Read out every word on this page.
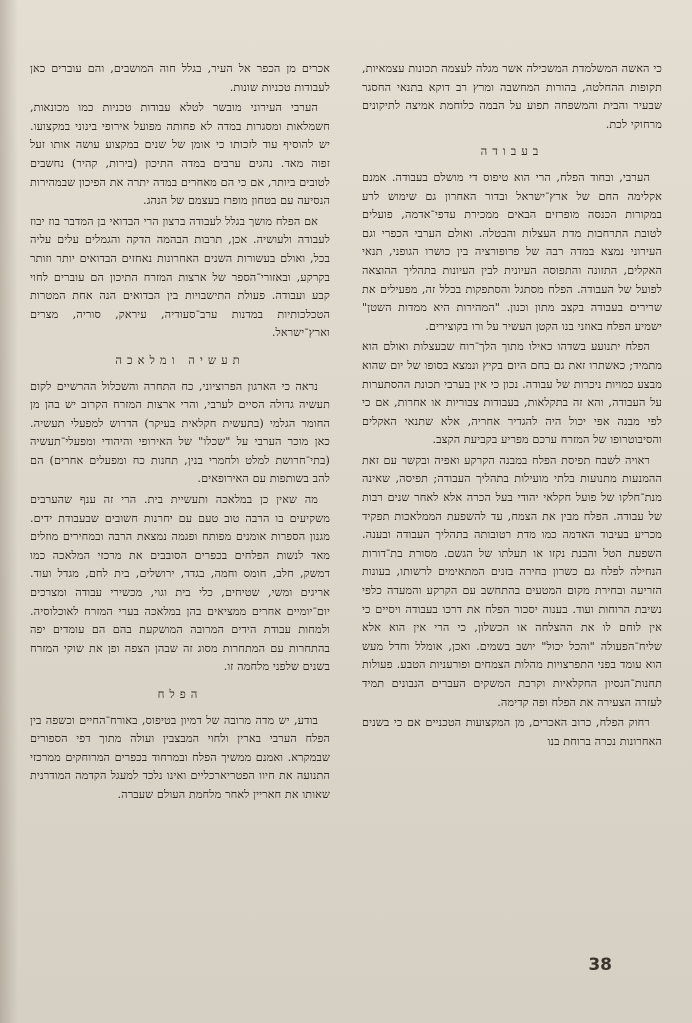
כי האשה המשלמדת המשכילה אשר מגלה לעצמה תכונות עצמאיות, תקופות ההחלטה, בהורות המחשבה ומרץ רב דוקא בתנאי החסגר שבעיר והבית והמשפחה תפוע על הבמה כלוחמת אמיצה לתיקונים מרחוקי לכת.

בעבודה

הערבי, ובחוד הפלח, הרי הוא טיפוס די מושלם בעבודה. אמנם אקלימה החם של ארץ־ישראל ובדור האחרון גם שימוש לרע במקורות הכנסה מופרזים הבאים ממכירת עדפי־אדמה, פועלים לטובת התרחבות מדת העצלות והבטלה. ואולם הערבי הכפרי וגם העירוני נמצא במדה רבה של פרופורציה בין כושרו הגופני, תנאי האקלים, התזונה והתפוסה העיונית לבין העיונות בתהליך ההוצאה לפועל של העבודה. הפלח מסתגל והסתפקות בכלל זה, מפעילים את שרירים בעבודה בקצב מתון וכנון. "המהירות היא ממדות השטן" ישמיע הפלח באוזני בנו הקטן העשיר על ורו בקוצירים.

הפלח יתנועע בשדהו כאילו מתוך הלך־רוח שבעצלות ואולם הוא מתמיד; כאשתרו זאת גם בחם היום בקיץ ונמצא בסופו של יום שהוא מבצע כמויות ניכרות של עבודה. נכון כי אין בערבי תכונת ההסתערות על העבודה, והא זה בתקלאות, בעבודות צבוריות או אחרות, אם כי לפי מבנה אפי יכול היה להגדיר אחריה, אלא שתנאי האקלים והסיבוטרופו של המזרח ערכם מפריע בקביעת הקצב.

ראויה לשבח תפיסת הפלח במבנה הקרקע ואפיה ובקשר עם זאת ההמנעות מתנועות בלתי מועילות בתהליך העבודה; תפיסה, שאינה מנת־חלקו של פועל חקלאי יהודי בעל הכרה אלא לאחר שנים רבות של עבודה. הפלח מבין את הצמח, עד להשפעת הממלאכות תפקיד מכריע בעיבוד האדמה כמו מדת רטובותה בתהליך העבודה ובענה. השפעת הטל והבנת נקזו או תעלתו של הגשם. מסורת בת־דורות הנחילה לפלח גם כשרון בחירה בזנים המתאימים לרשותו, בעונות הזריעה ובחירת מקום המטעים בהתחשב עם הקרקע והמעדה כלפי נשיבת הרוחות ועוד. בענוה יסכור הפלח את דרכו בעבודה ויסיים כי אין לוחם לו את ההצלחה או הכשלון, כי הרי אין הוא אלא שליח־הפעולה "והכל יכול" יושב בשמים. ואכן, אומלל וחדל מעש הוא עומד בפני התפרצויות מהלות הצמחים ופורעניות הטבע. פעולות תחנות־הנסיון החקלאיות וקרבת המשקים העברים הנבונים תמיד לעזרה הצעירה את הפלח ופה קדימה.

רחוק הפלח, כרוב האכרים, מן המקצועות הטכניים אם כי בשנים האחרונות נכרה ברוחת בנו

אכרים מן הכפר אל העיר, בגלל חוה המושבים, והם עוברים כאן לעבודות טכניות שונות.

הערבי העירוני מובשר לטלא עבודות טכניות כמו מכונאות, חשמלאות ומסגרות במדה לא פחותה מפועל אירופי בינוני במקצועו. יש להוסיף עוד לזכותו כי אומן של שנים במקצוע עושה אותו זעל זפוה מאד. נהגים ערבים במדה התיכון (בירות, קהיר) נחשבים לטובים ביותר, אם כי הם מאחרים במדה יתרה את הפיכון שבמהירות הנסיעה עם בטחון מופרז בעצמם של הנהג.

אם הפלח מושך בגלל לעבודה ברצון הרי הבדואי בן המדבר בוז יבוז לעבודה ולעושיה. אכן, תרבות הבהמה הדקה והגמלים עלים עליה בכל, ואולם בעשורות השנים האחרונות נאחזים הבדואים יותר וזותר בקרקע, ובאזורי־הספר של ארצות המזרח התיכון הם עוברים לחוי קבע ועבודה. פעולת התישבויות בין הבדואים הנה אחת המטרות הטכלכותיות במדנות ערב־סעודיה, עיראק, סוריה, מצרים וארץ־ישראל.

תעשיה ומלאכה

נראה כי הארגון הפרוציוני, כח התחרה והשכלול ההרשיים לקום תעשיה גדולה הסיים לערבי, והרי ארצות המזרח הקרוב יש בהן מן החומר הגלמי (בתעשית חקלאית בעיקר) הדרוש למפעלי תעשיה. כאן מוכר הערבי על "שכלו" של האירופי והיהודי ומפעלי־תעשיה (בתי־חרושת למלט ולחמרי בנין, תחנות כח ומפעלים אחרים) הם להב בשותפות עם האירופאים.

מה שאין כן במלאכה ותעשיית בית. הרי זה ענף שהערבים משקיעים בו הרבה טוב טעם עם יחרנות חשובים שבעבודת ידים. מגנון הספרות אומנים מפותח ופגמה נמצאת הרבה ובמחירים מוזלים מאד לנשות הפלחים בכפרים הסובבים את מרכזי המלאכה כמו דמשק, חלב, חומס וחמה, בגדד, ירושלים, בית לחם, מגדל ועוד. אריגים ומשי, שטיחים, כלי בית וגוי, מכשירי עבודה ומצרכים יום־יומיים אחרים ממציאים בהן במלאכה בערי המזרח לאוכלוסיה. ולמחות עבודת הידים המרובה המושקעת בהם הם עומדים יפה בהתחרות עם המתחרות מסוג זה שבהן הצפה ופן את שוקי המזרח בשנים שלפני מלחמה זו.

הפלח

בודע, יש מדה מרובה של דמיון בטיפוס, באורח־החיים וכשפה בין הפלח הערבי בארין ולחוי המבצבין ועולה מתוך דפי הספורים שבמקרא. ואמנם ממשיך הפלח ובמרחוד בכפרים המרוחקים ממרכזי התנועה את חיוו הפטריארכליים ואינו נלכד למעגל הקדמה המודרנית שאותו את חאריין לאחר מלחמת העולם שעברה.

38
